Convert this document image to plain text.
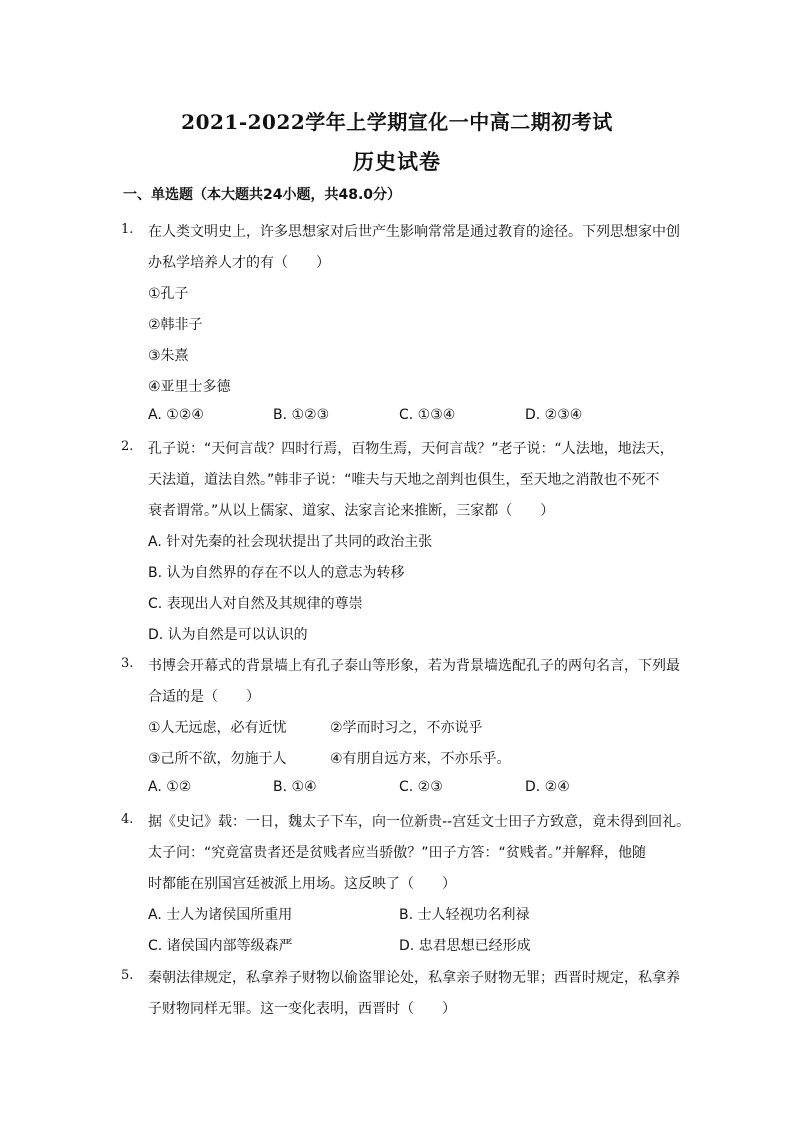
2021-2022学年上学期宣化一中高二期初考试
历史试卷
一、单选题（本大题共24小题，共48.0分）
1. 在人类文明史上，许多思想家对后世产生影响常常是通过教育的途径。下列思想家中创
办私学培养人才的有（　　）
①孔子
②韩非子
③朱熹
④亚里士多德
A. ①②④	B. ①②③	C. ①③④	D. ②③④
2. 孔子说：“天何言哉？四时行焉，百物生焉，天何言哉？”老子说：“人法地，地法天，
天法道，道法自然。”韩非子说：“唯夫与天地之剖判也俱生，至天地之消散也不死不
衰者谓常。”从以上儒家、道家、法家言论来推断，三家都（　　）
A. 针对先秦的社会现状提出了共同的政治主张
B. 认为自然界的存在不以人的意志为转移
C. 表现出人对自然及其规律的尊崇
D. 认为自然是可以认识的
3. 书博会开幕式的背景墙上有孔子泰山等形象，若为背景墙选配孔子的两句名言，下列最
合适的是（　　）
①人无远虑，必有近忧	②学而时习之，不亦说乎
③己所不欲，勿施于人	④有朋自远方来，不亦乐乎。
A. ①②	B. ①④	C. ②③	D. ②④
4. 据《史记》载：一日，魏太子下车，向一位新贵--宫廷文士田子方致意，竟未得到回礼。
太子问：“究竟富贵者还是贫贱者应当骄傲？”田子方答：“贫贱者。”并解释，他随
时都能在别国宫廷被派上用场。这反映了（　　）
A. 士人为诸侯国所重用	B. 士人轻视功名利禄
C. 诸侯国内部等级森严	D. 忠君思想已经形成
5. 秦朝法律规定，私拿养子财物以偷盗罪论处，私拿亲子财物无罪；西晋时规定，私拿养
子财物同样无罪。这一变化表明，西晋时（　　）
